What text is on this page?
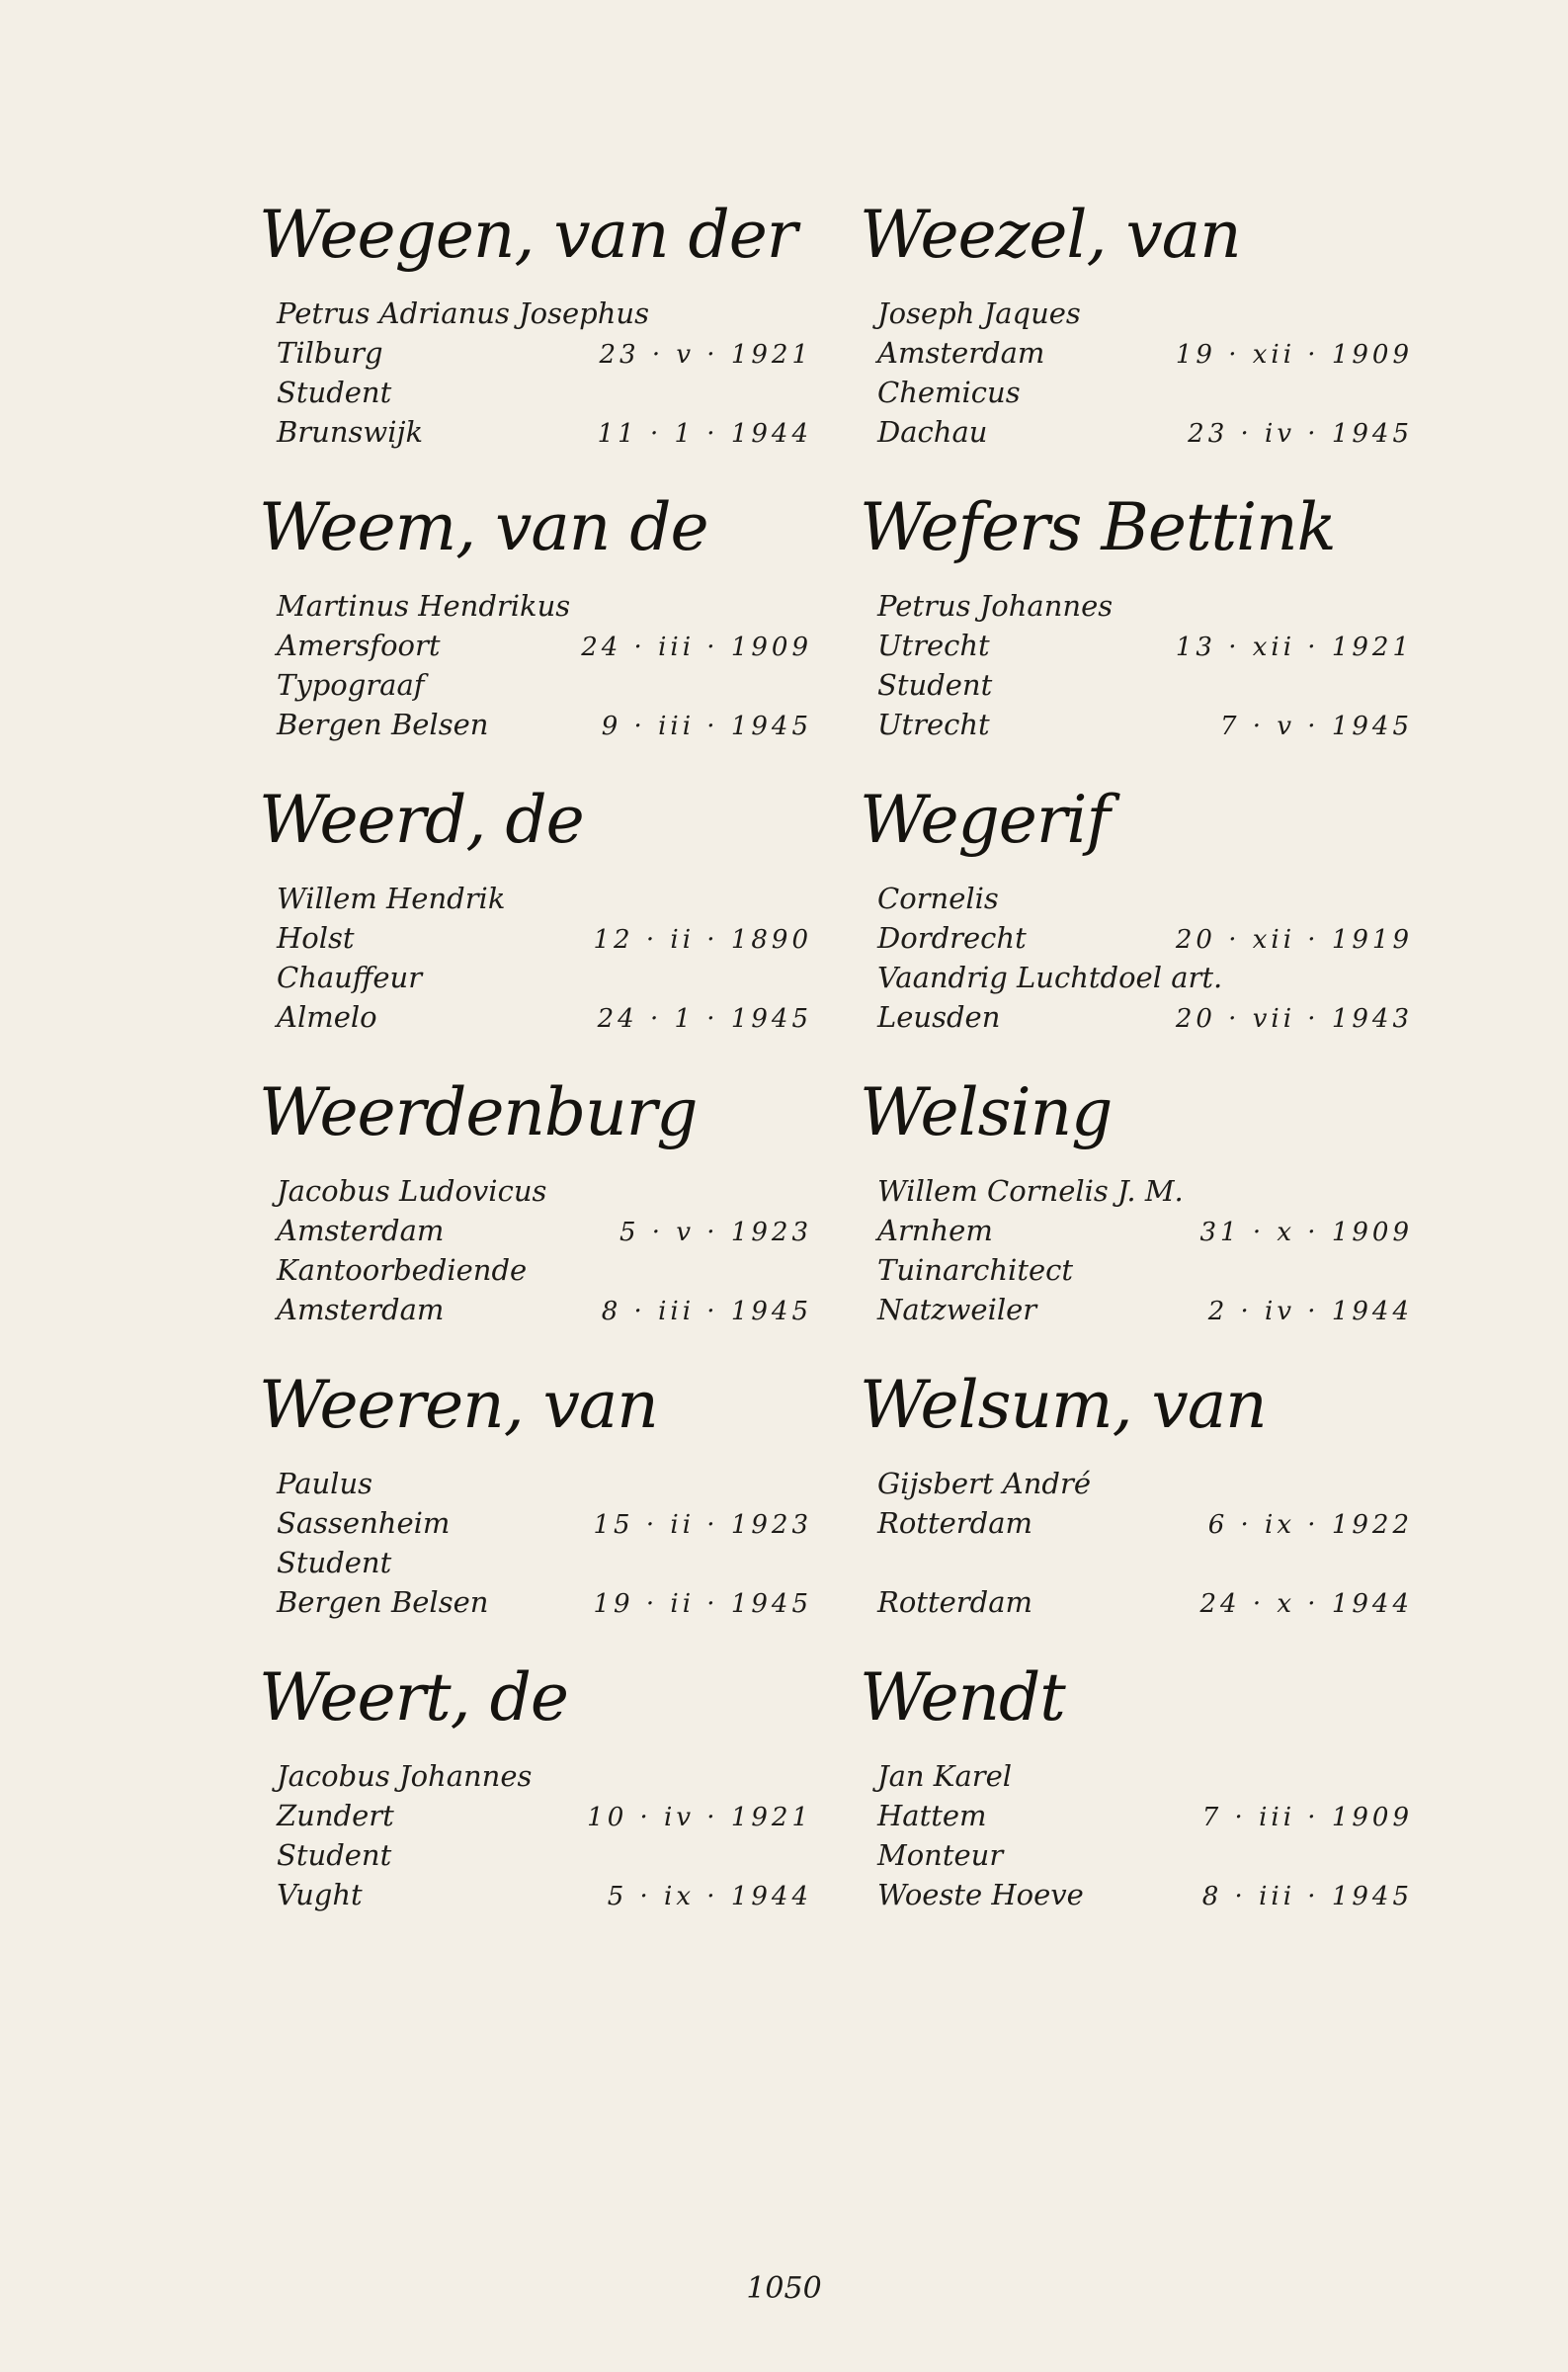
Weegen, van der
Petrus Adrianus Josephus
Tilburg	23 · v · 1921
Student
Brunswijk	11 · 1 · 1944
Weem, van de
Martinus Hendrikus
Amersfoort	24 · iii · 1909
Typograaf
Bergen Belsen	9 · iii · 1945
Weerd, de
Willem Hendrik
Holst	12 · ii · 1890
Chauffeur
Almelo	24 · 1 · 1945
Weerdenburg
Jacobus Ludovicus
Amsterdam	5 · v · 1923
Kantoorbediende
Amsterdam	8 · iii · 1945
Weeren, van
Paulus
Sassenheim	15 · ii · 1923
Student
Bergen Belsen	19 · ii · 1945
Weert, de
Jacobus Johannes
Zundert	10 · iv · 1921
Student
Vught	5 · ix · 1944
Weezel, van
Joseph Jaques
Amsterdam	19 · xii · 1909
Chemicus
Dachau	23 · iv · 1945
Wefers Bettink
Petrus Johannes
Utrecht	13 · xii · 1921
Student
Utrecht	7 · v · 1945
Wegerif
Cornelis
Dordrecht	20 · xii · 1919
Vaandrig Luchtdoel art.
Leusden	20 · vii · 1943
Welsing
Willem Cornelis J. M.
Arnhem	31 · x · 1909
Tuinarchitect
Natzweiler	2 · iv · 1944
Welsum, van
Gijsbert André
Rotterdam	6 · ix · 1922
Rotterdam	24 · x · 1944
Wendt
Jan Karel
Hattem	7 · iii · 1909
Monteur
Woeste Hoeve	8 · iii · 1945
1050
